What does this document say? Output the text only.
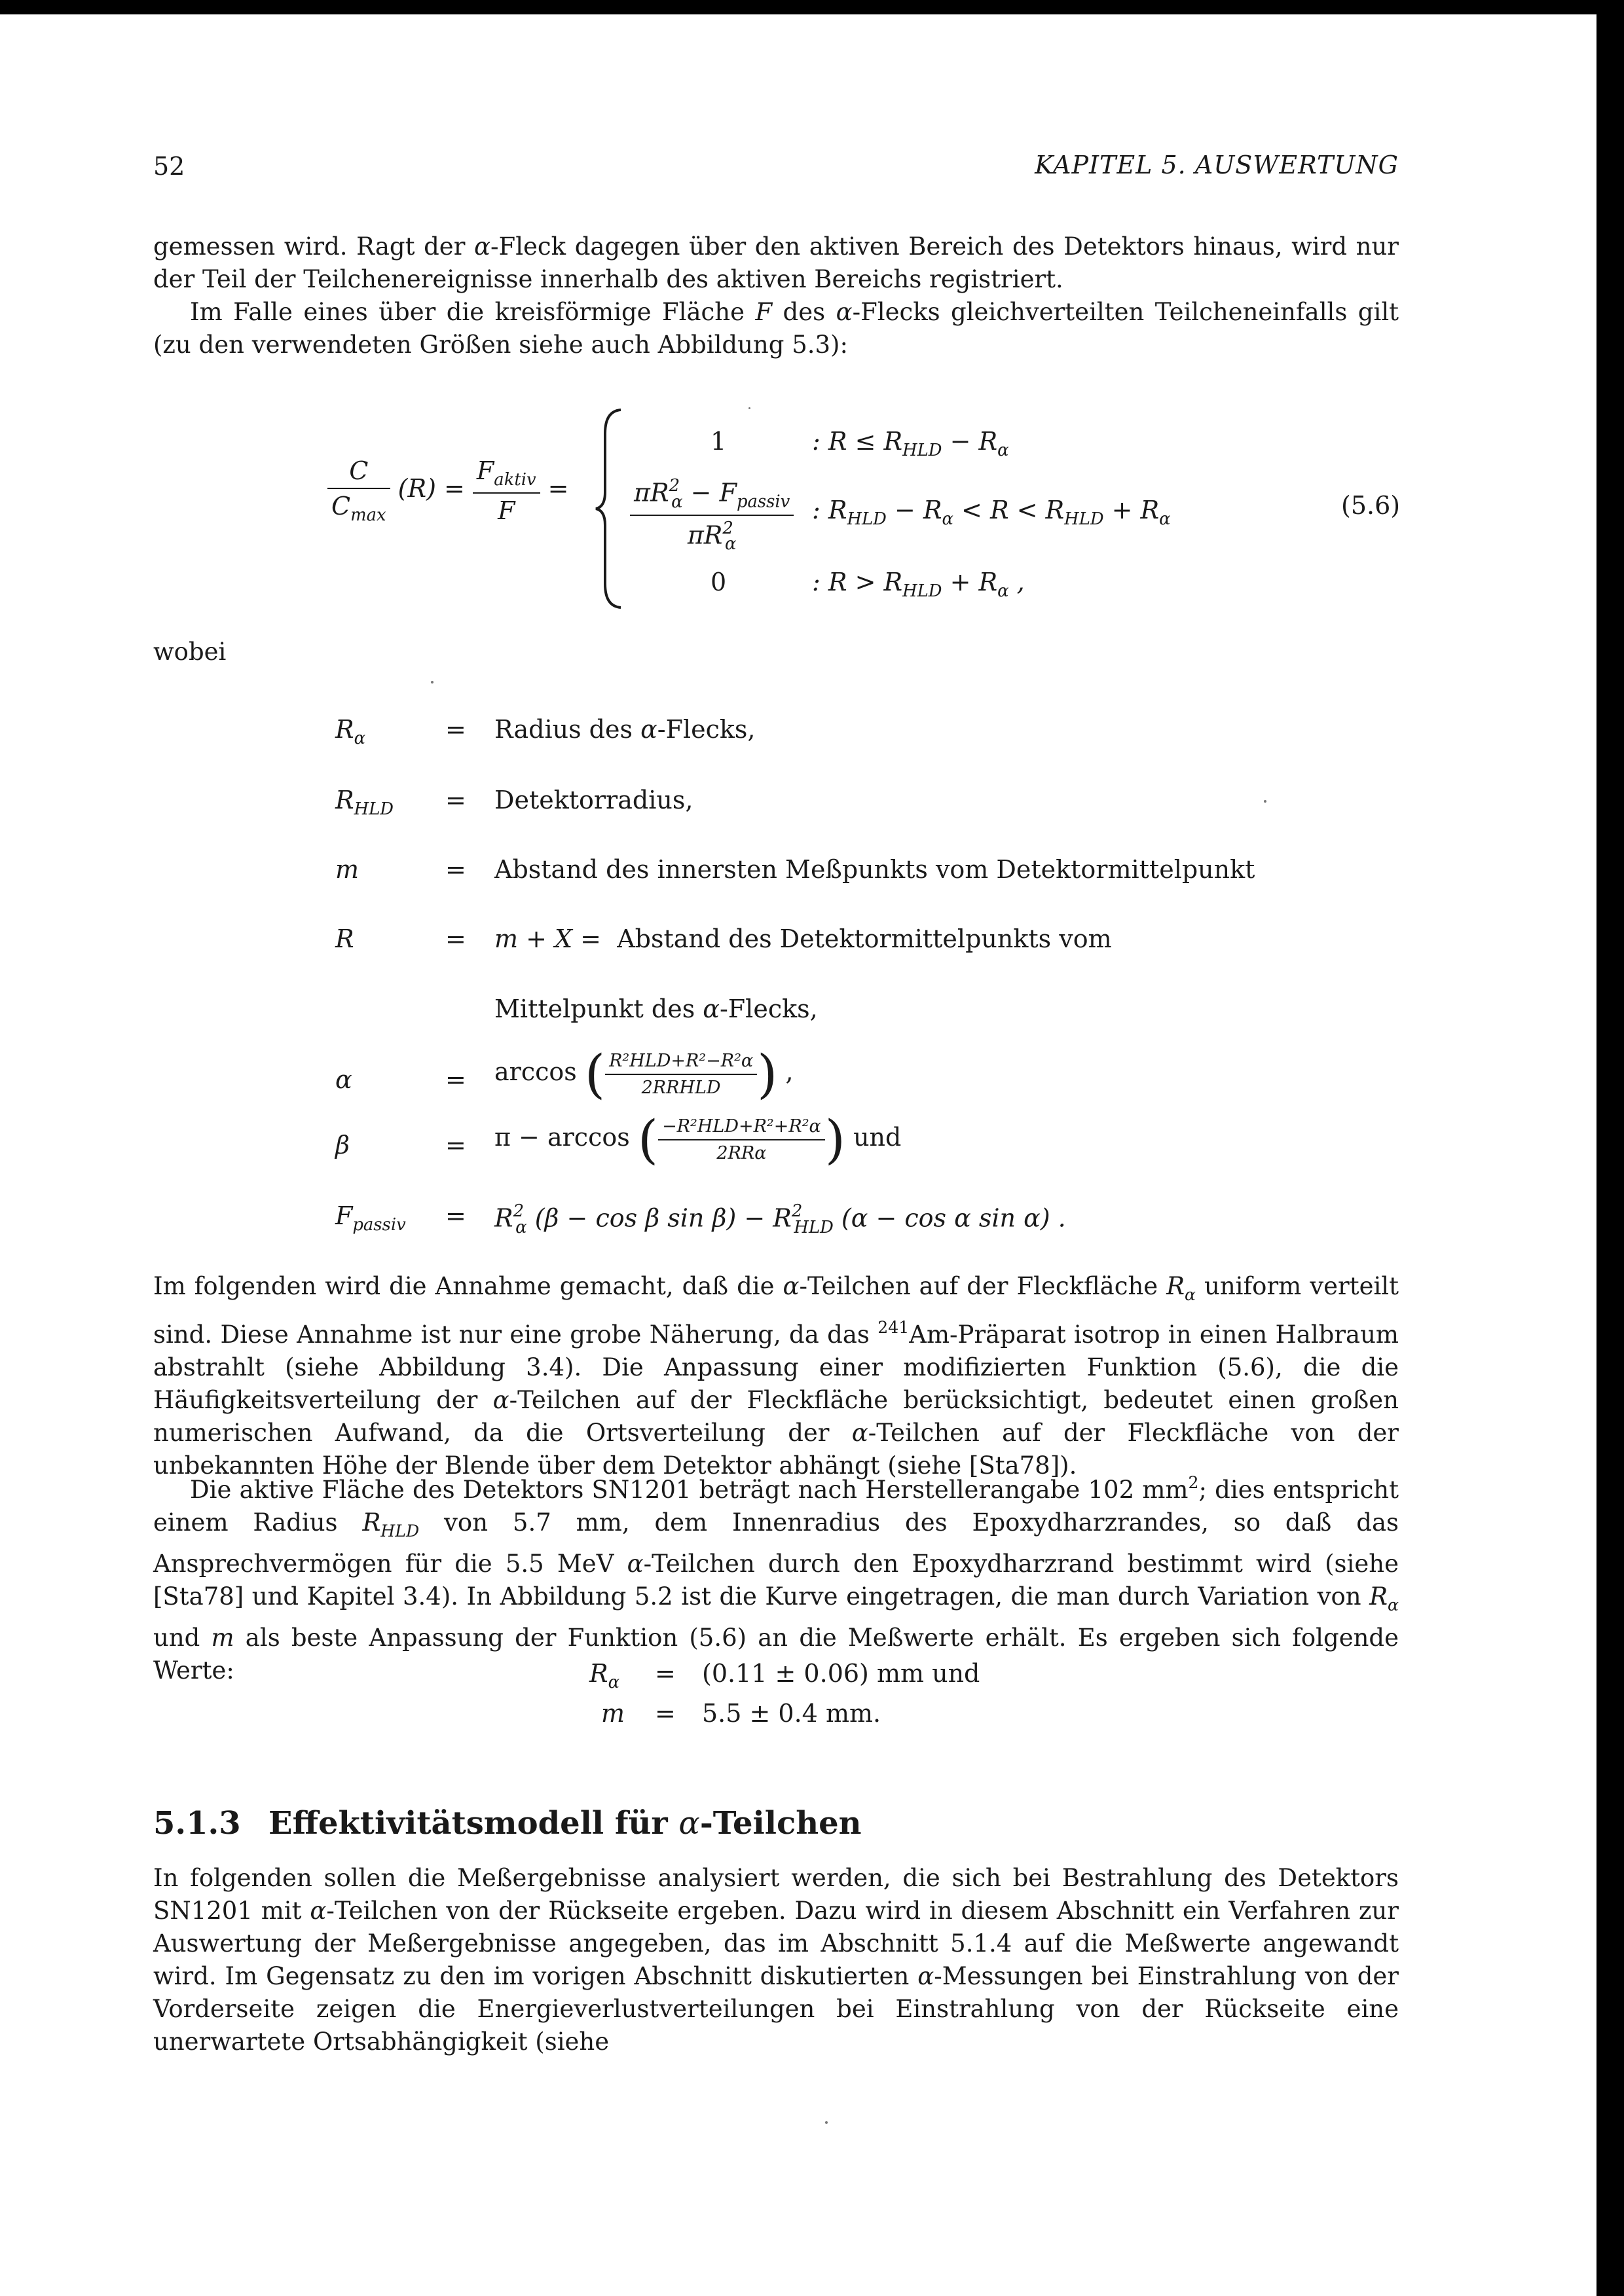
52	KAPITEL 5. AUSWERTUNG

gemessen wird. Ragt der α-Fleck dagegen über den aktiven Bereich des Detektors hinaus, wird nur der Teil der Teilchenereignisse innerhalb des aktiven Bereichs registriert.

Im Falle eines über die kreisförmige Fläche F des α-Flecks gleichverteilten Teilcheneinfalls gilt (zu den verwendeten Größen siehe auch Abbildung 5.3):

$\frac{C}{C_{max}} (R) = \frac{F_{aktiv}}{F}$ =
1	: $R \le R_{HLD} - R_\alpha$
$\frac{\pi R^2_\alpha - F_{passiv}}{\pi R^2_\alpha}$ : $R_{HLD} - R_\alpha < R < R_{HLD} + R_\alpha$	(5.6)
0	: $R > R_{HLD} + R_\alpha$ ,
wobei
$R_\alpha$	= Radius des α-Flecks,
$R_{HLD}$ = Detektorradius,
m	= Abstand des innersten Meßpunkts vom Detektormittelpunkt
R	= m + X = Abstand des Detektormittelpunkts vom
Mittelpunkt des α-Flecks,
α	= arccos ( $\frac{\text{R²HLD+R²−R²α}}{\text{2RRHLD}}$ ) ,
β	= π − arccos ( $\frac{\text{−R²HLD+R²+R²α}}{\text{2RRα}}$ ) und
$F_{passiv} = R^2_\alpha$ (β − cos β $\sin \beta) - R^2_{HLD}$ (α − cos α sin α) .

Im folgenden wird die Annahme gemacht, daß die α-Teilchen auf der Fleckfläche $R_\alpha$ uniform verteilt sind. Diese Annahme ist nur eine grobe Näherung, da das $^{241}$Am-Präparat isotrop in einen Halbraum abstrahlt (siehe Abbildung 3.4). Die Anpassung einer modifizierten Funktion (5.6), die die Häufigkeitsverteilung der α-Teilchen auf der Fleckfläche berücksichtigt, bedeutet einen großen numerischen Aufwand, da die Ortsverteilung der α-Teilchen auf der Fleckfläche von der unbekannten Höhe der Blende über dem Detektor abhängt (siehe [Sta78]).

Die aktive Fläche des Detektors SN1201 beträgt nach Herstellerangabe 102 $mm^2$; dies entspricht einem Radius $R_{HLD}$ von 5.7 mm, dem Innenradius des Epoxydharzrandes, so daß das Ansprechvermögen für die 5.5 MeV α-Teilchen durch den Epoxydharzrand bestimmt wird (siehe [Sta78] und Kapitel 3.4). In Abbildung 5.2 ist die Kurve eingetragen, die man durch Variation von $R_\alpha$ und m als beste Anpassung der Funktion (5.6) an die Meßwerte erhält. Es ergeben sich folgende Werte:	$R_\alpha = (0.11 \pm 0.06)$ mm und
m = 5.5 ± 0.4 mm.
5.1.3 Effektivitätsmodell für α-Teilchen

In folgenden sollen die Meßergebnisse analysiert werden, die sich bei Bestrahlung des Detektors SN1201 mit α-Teilchen von der Rückseite ergeben. Dazu wird in diesem Abschnitt ein Verfahren zur Auswertung der Meßergebnisse angegeben, das im Abschnitt 5.1.4 auf die Meßwerte angewandt wird. Im Gegensatz zu den im vorigen Abschnitt diskutierten α-Messungen bei Einstrahlung von der Vorderseite zeigen die Energieverlustverteilungen bei Einstrahlung von der Rückseite eine unerwartete Ortsabhängigkeit (siehe
